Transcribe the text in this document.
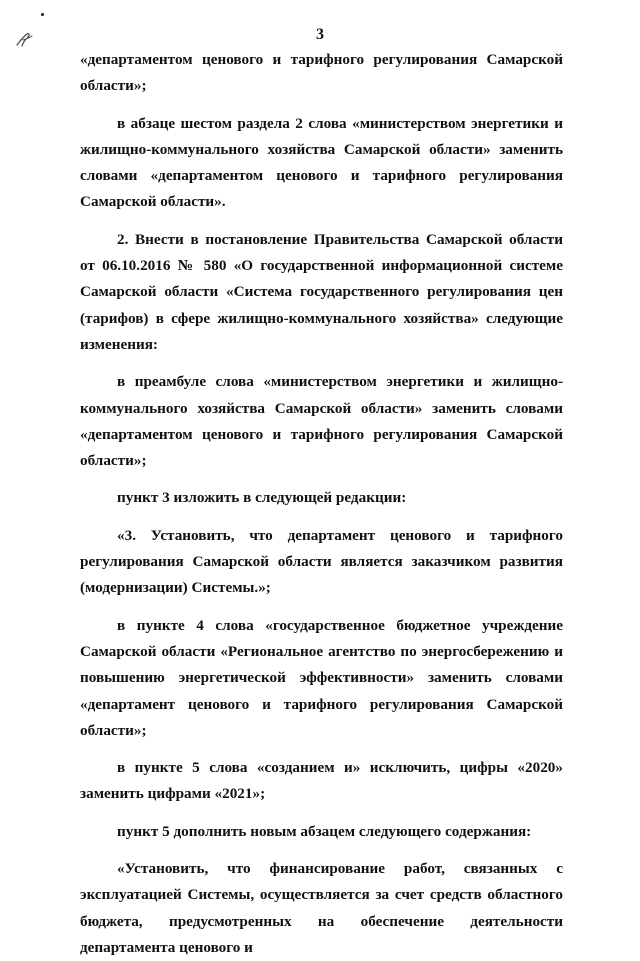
3

«департаментом ценового и тарифного регулирования Самарской области»;

в абзаце шестом раздела 2 слова «министерством энергетики и жилищно-коммунального хозяйства Самарской области» заменить словами «департаментом ценового и тарифного регулирования Самарской области».

2. Внести в постановление Правительства Самарской области от 06.10.2016 № 580 «О государственной информационной системе Самарской области «Система государственного регулирования цен (тарифов) в сфере жилищно-коммунального хозяйства» следующие изменения:

в преамбуле слова «министерством энергетики и жилищно-коммунального хозяйства Самарской области» заменить словами «департаментом ценового и тарифного регулирования Самарской области»;

пункт 3 изложить в следующей редакции:

«3. Установить, что департамент ценового и тарифного регулирования Самарской области является заказчиком развития (модернизации) Системы.»;

в пункте 4 слова «государственное бюджетное учреждение Самарской области «Региональное агентство по энергосбережению и повышению энергетической эффективности» заменить словами «департамент ценового и тарифного регулирования Самарской области»;

в пункте 5 слова «созданием и» исключить, цифры «2020» заменить цифрами «2021»;

пункт 5 дополнить новым абзацем следующего содержания:

«Установить, что финансирование работ, связанных с эксплуатацией Системы, осуществляется за счет средств областного бюджета, предусмотренных на обеспечение деятельности департамента ценового и
